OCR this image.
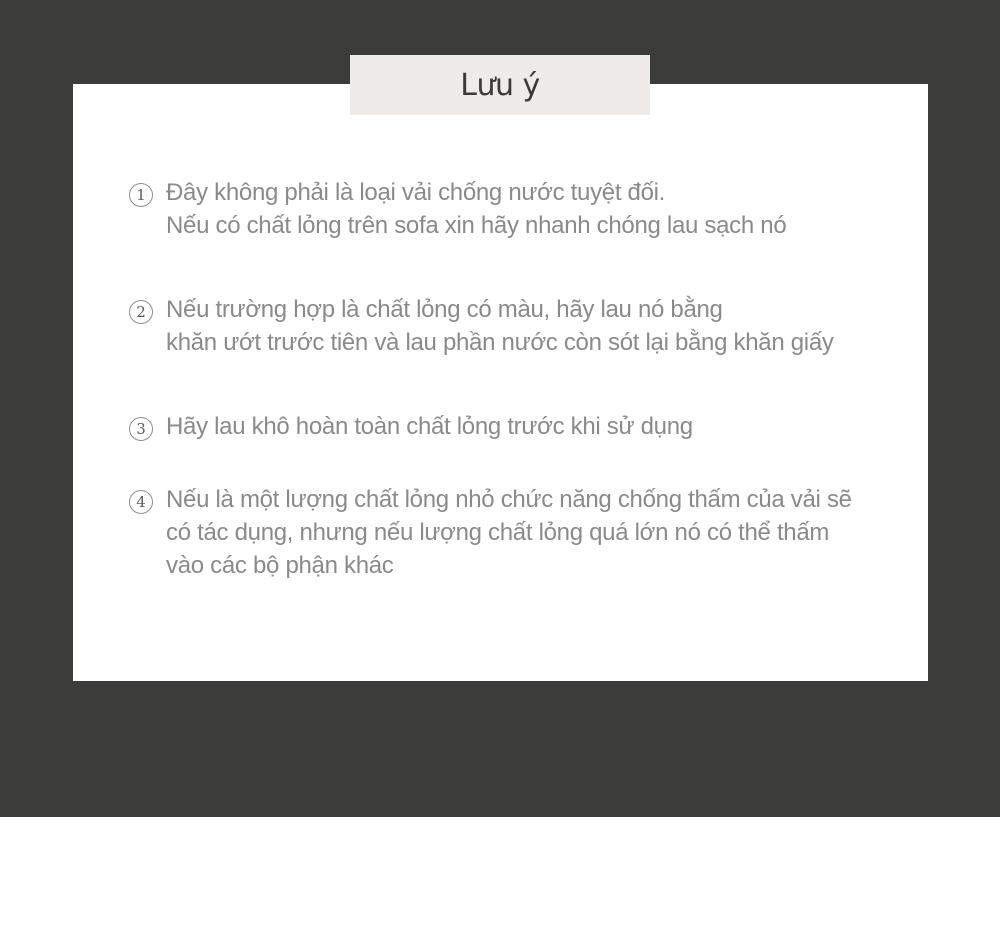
Lưu ý
1 Đây không phải là loại vải chống nước tuyệt đối.
Nếu có chất lỏng trên sofa xin hãy nhanh chóng lau sạch nó
2 Nếu trường hợp là chất lỏng có màu, hãy lau nó bằng
khăn ướt trước tiên và lau phần nước còn sót lại bằng khăn giấy
3 Hãy lau khô hoàn toàn chất lỏng trước khi sử dụng
4 Nếu là một lượng chất lỏng nhỏ chức năng chống thấm của vải sẽ
có tác dụng, nhưng nếu lượng chất lỏng quá lớn nó có thể thấm
vào các bộ phận khác
